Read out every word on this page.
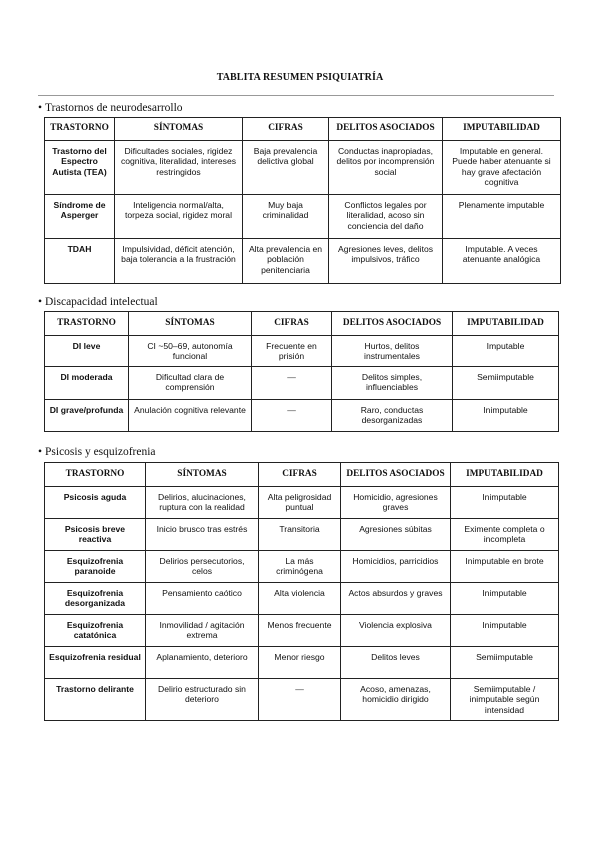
TABLITA RESUMEN PSIQUIATRÍA
• Trastornos de neurodesarrollo
TRASTORNO	SÍNTOMAS	CIFRAS	DELITOS ASOCIADOS	IMPUTABILIDAD
Trastorno del Espectro Autista (TEA)	Dificultades sociales, rigidez cognitiva, literalidad, intereses restringidos	Baja prevalencia delictiva global	Conductas inapropiadas, delitos por incomprensión social	Imputable en general. Puede haber atenuante si hay grave afectación cognitiva
Síndrome de Asperger	Inteligencia normal/alta, torpeza social, rigidez moral	Muy baja criminalidad	Conflictos legales por literalidad, acoso sin conciencia del daño	Plenamente imputable
TDAH	Impulsividad, déficit atención, baja tolerancia a la frustración	Alta prevalencia en población penitenciaria	Agresiones leves, delitos impulsivos, tráfico	Imputable. A veces atenuante analógica
• Discapacidad intelectual
TRASTORNO	SÍNTOMAS	CIFRAS	DELITOS ASOCIADOS	IMPUTABILIDAD
DI leve	CI ~50–69, autonomía funcional	Frecuente en prisión	Hurtos, delitos instrumentales	Imputable
DI moderada	Dificultad clara de comprensión	—	Delitos simples, influenciables	Semiimputable
DI grave/profunda	Anulación cognitiva relevante	—	Raro, conductas desorganizadas	Inimputable
• Psicosis y esquizofrenia
TRASTORNO	SÍNTOMAS	CIFRAS	DELITOS ASOCIADOS	IMPUTABILIDAD
Psicosis aguda	Delirios, alucinaciones, ruptura con la realidad	Alta peligrosidad puntual	Homicidio, agresiones graves	Inimputable
Psicosis breve reactiva	Inicio brusco tras estrés	Transitoria	Agresiones súbitas	Eximente completa o incompleta
Esquizofrenia paranoide	Delirios persecutorios, celos	La más criminógena	Homicidios, parricidios	Inimputable en brote
Esquizofrenia desorganizada	Pensamiento caótico	Alta violencia	Actos absurdos y graves	Inimputable
Esquizofrenia catatónica	Inmovilidad / agitación extrema	Menos frecuente	Violencia explosiva	Inimputable
Esquizofrenia residual	Aplanamiento, deterioro	Menor riesgo	Delitos leves	Semiimputable
Trastorno delirante	Delirio estructurado sin deterioro	—	Acoso, amenazas, homicidio dirigido	Semiimputable / inimputable según intensidad
